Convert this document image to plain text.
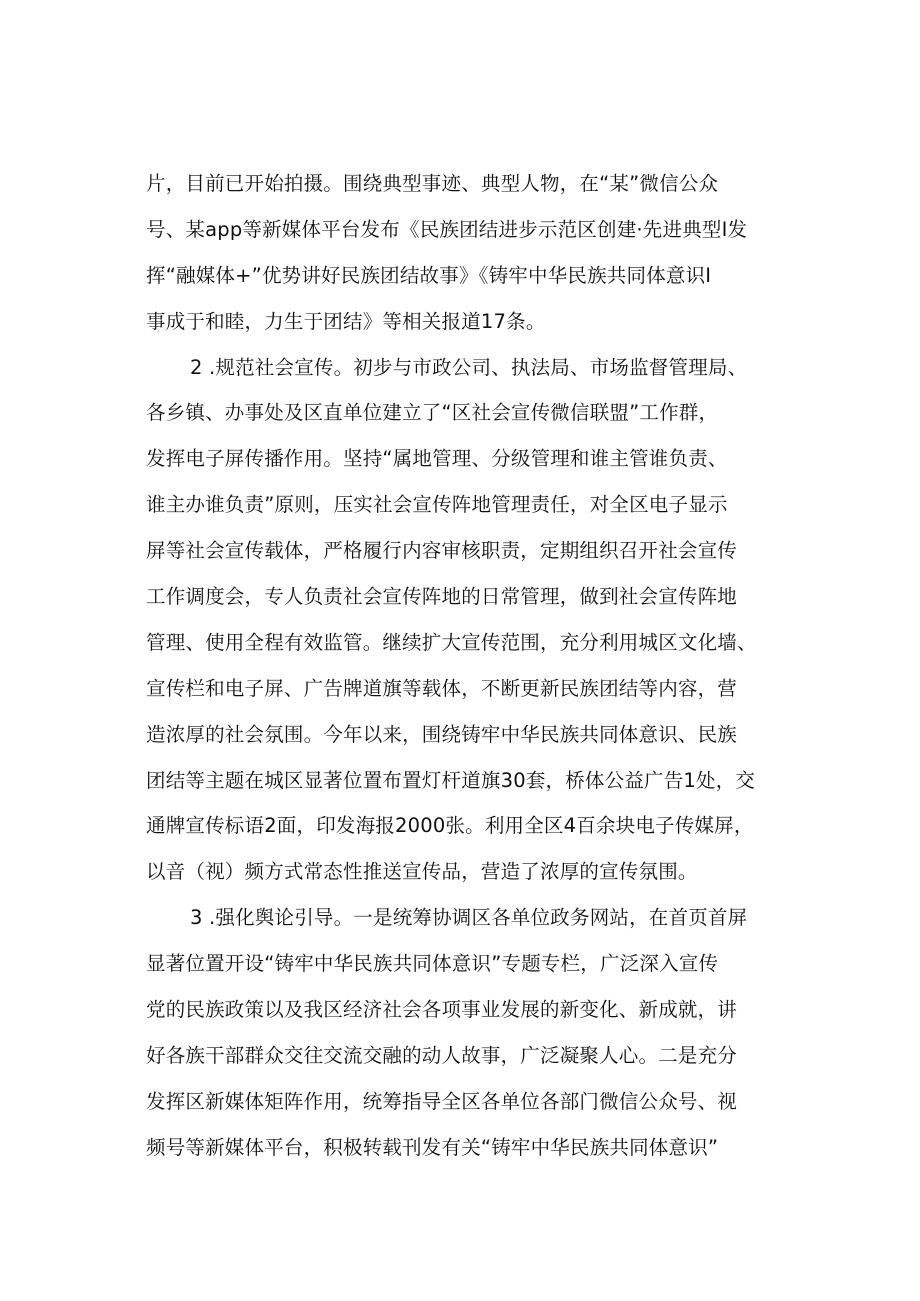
片，目前已开始拍摄。围绕典型事迹、典型人物，在“某”微信公众
号、某app等新媒体平台发布《民族团结进步示范区创建·先进典型I发
挥“融媒体+”优势讲好民族团结故事》《铸牢中华民族共同体意识I
事成于和睦，力生于团结》等相关报道17条。
2 .规范社会宣传。初步与市政公司、执法局、市场监督管理局、
各乡镇、办事处及区直单位建立了“区社会宣传微信联盟”工作群，
发挥电子屏传播作用。坚持“属地管理、分级管理和谁主管谁负责、
谁主办谁负责”原则，压实社会宣传阵地管理责任，对全区电子显示
屏等社会宣传载体，严格履行内容审核职责，定期组织召开社会宣传
工作调度会，专人负责社会宣传阵地的日常管理，做到社会宣传阵地
管理、使用全程有效监管。继续扩大宣传范围，充分利用城区文化墙、
宣传栏和电子屏、广告牌道旗等载体，不断更新民族团结等内容，营
造浓厚的社会氛围。今年以来，围绕铸牢中华民族共同体意识、民族
团结等主题在城区显著位置布置灯杆道旗30套，桥体公益广告1处，交
通牌宣传标语2面，印发海报2000张。利用全区4百余块电子传媒屏，
以音（视）频方式常态性推送宣传品，营造了浓厚的宣传氛围。
3 .强化舆论引导。一是统筹协调区各单位政务网站，在首页首屏
显著位置开设“铸牢中华民族共同体意识”专题专栏，广泛深入宣传
党的民族政策以及我区经济社会各项事业发展的新变化、新成就，讲
好各族干部群众交往交流交融的动人故事，广泛凝聚人心。二是充分
发挥区新媒体矩阵作用，统筹指导全区各单位各部门微信公众号、视
频号等新媒体平台，积极转载刊发有关“铸牢中华民族共同体意识”
